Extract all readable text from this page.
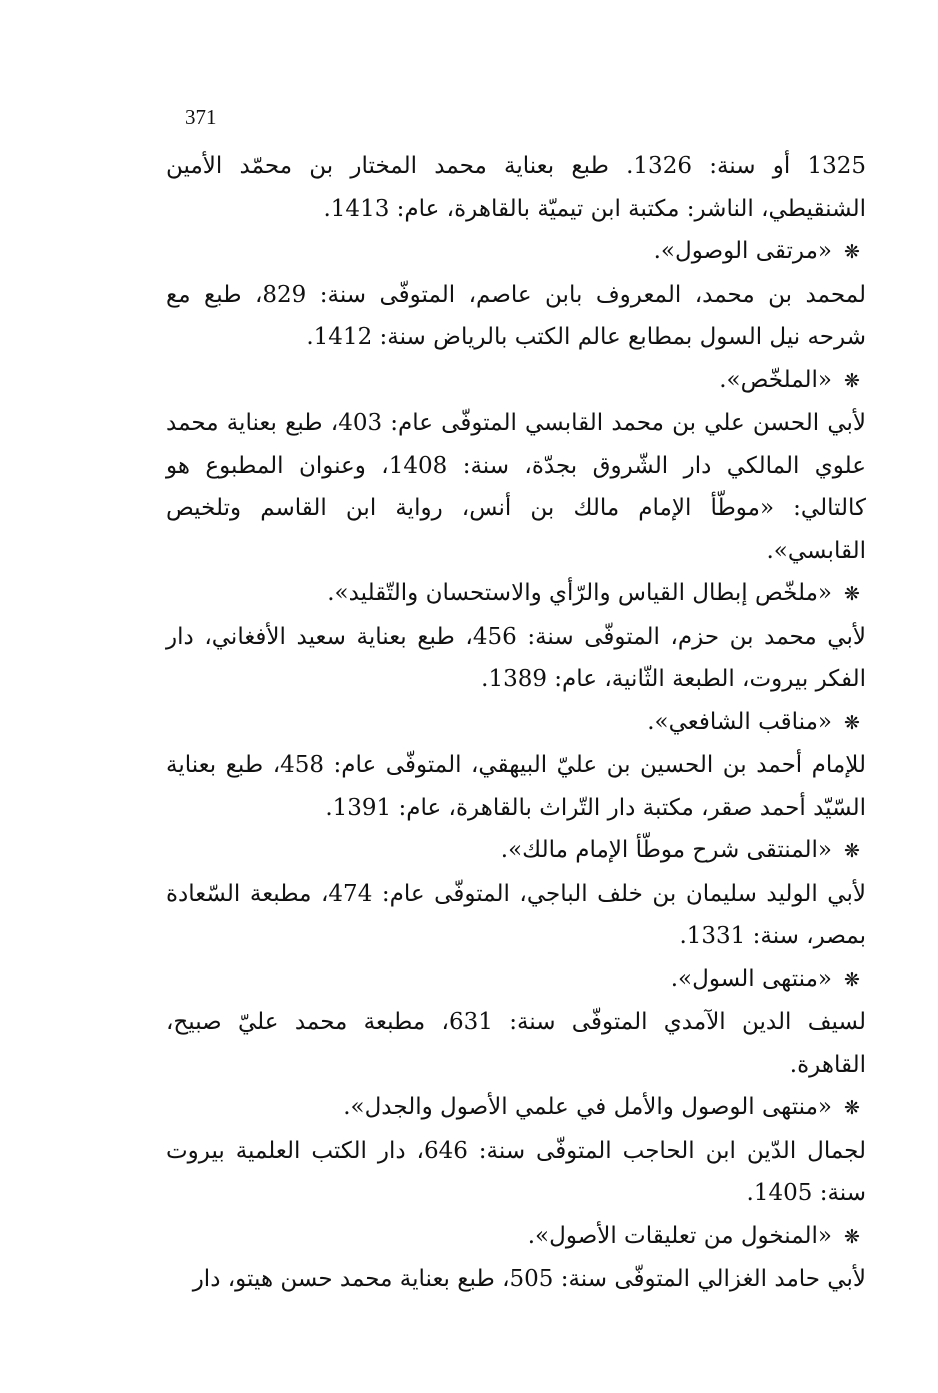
371

1325 أو سنة: 1326. طبع بعناية محمد المختار بن محمّد الأمين الشنقيطي، الناشر: مكتبة ابن تيميّة بالقاهرة، عام: 1413.

❋
«مرتقى الوصول».

لمحمد بن محمد، المعروف بابن عاصم، المتوفّى سنة: 829، طبع مع شرحه نيل السول بمطابع عالم الكتب بالرياض سنة: 1412.

❋
«الملخّص».

لأبي الحسن علي بن محمد القابسي المتوفّى عام: 403، طبع بعناية محمد علوي المالكي دار الشّروق بجدّة، سنة: 1408، وعنوان المطبوع هو كالتالي: «موطّأ الإمام مالك بن أنس، رواية ابن القاسم وتلخيص القابسي».

❋
«ملخّص إبطال القياس والرّأي والاستحسان والتّقليد».

لأبي محمد بن حزم، المتوفّى سنة: 456، طبع بعناية سعيد الأفغاني، دار الفكر بيروت، الطبعة الثّانية، عام: 1389.

❋
«مناقب الشافعي».

للإمام أحمد بن الحسين بن عليّ البيهقي، المتوفّى عام: 458، طبع بعناية السّيّد أحمد صقر، مكتبة دار التّراث بالقاهرة، عام: 1391.

❋
«المنتقى شرح موطّأ الإمام مالك».

لأبي الوليد سليمان بن خلف الباجي، المتوفّى عام: 474، مطبعة السّعادة بمصر، سنة: 1331.

❋
«منتهى السول».

لسيف الدين الآمدي المتوفّى سنة: 631، مطبعة محمد عليّ صبيح، القاهرة.

❋
«منتهى الوصول والأمل في علمي الأصول والجدل».

لجمال الدّين ابن الحاجب المتوفّى سنة: 646، دار الكتب العلمية بيروت سنة: 1405.

❋
«المنخول من تعليقات الأصول».

لأبي حامد الغزالي المتوفّى سنة: 505، طبع بعناية محمد حسن هيتو، دار
